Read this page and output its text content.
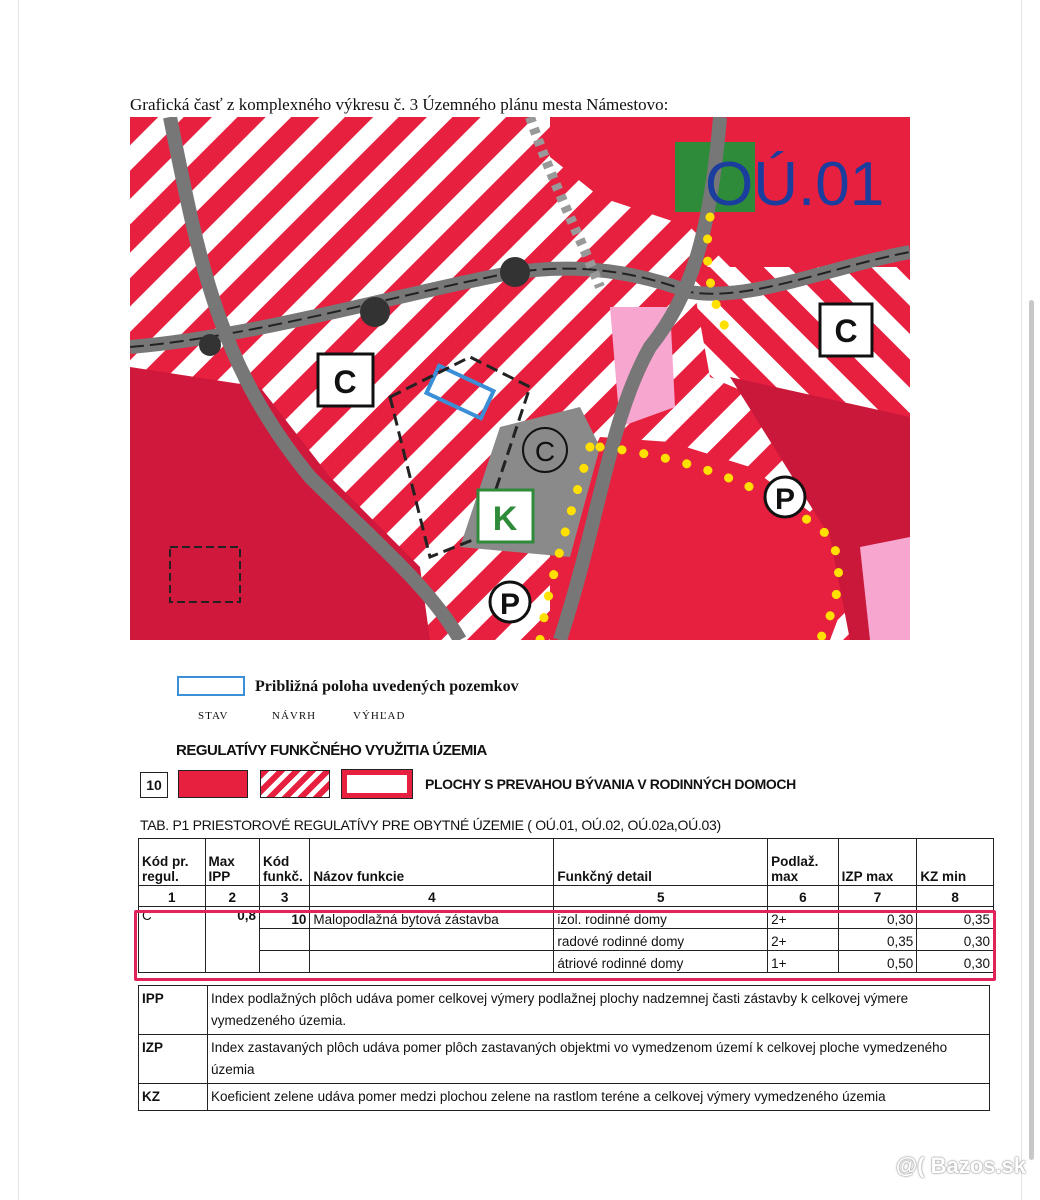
Grafická časť z komplexného výkresu č. 3 Územného plánu mesta Námestovo:
OÚ.01
C
C
C
K
P
P
Približná poloha uvedených pozemkov
STAV	NÁVRH	VÝHĽAD
REGULATÍVY FUNKČNÉHO VYUŽITIA ÚZEMIA
10	PLOCHY S PREVAHOU BÝVANIA V RODINNÝCH DOMOCH
TAB. P1 PRIESTOROVÉ REGULATÍVY PRE OBYTNÉ ÚZEMIE ( OÚ.01, OÚ.02, OÚ.02a,OÚ.03)
Kód pr. regul.	Max IPP	Kód funkč.	Názov funkcie	Funkčný detail	Podlaž. max	IZP max	KZ min
1	2	3	4	5	6	7	8
C	0,8	10	Malopodlažná bytová zástavba	izol. rodinné domy	2+	0,30	0,35
				radové rodinné domy	2+	0,35	0,30
				átriové rodinné domy	1+	0,50	0,30
IPP	Index podlažných plôch udáva pomer celkovej výmery podlažnej plochy nadzemnej časti zástavby k celkovej výmere vymedzeného územia.
IZP	Index zastavaných plôch udáva pomer plôch zastavaných objektmi vo vymedzenom území k celkovej ploche vymedzeného územia
KZ	Koeficient zelene udáva pomer medzi plochou zelene na rastlom teréne a celkovej výmery vymedzeného územia
@( Bazos.sk
